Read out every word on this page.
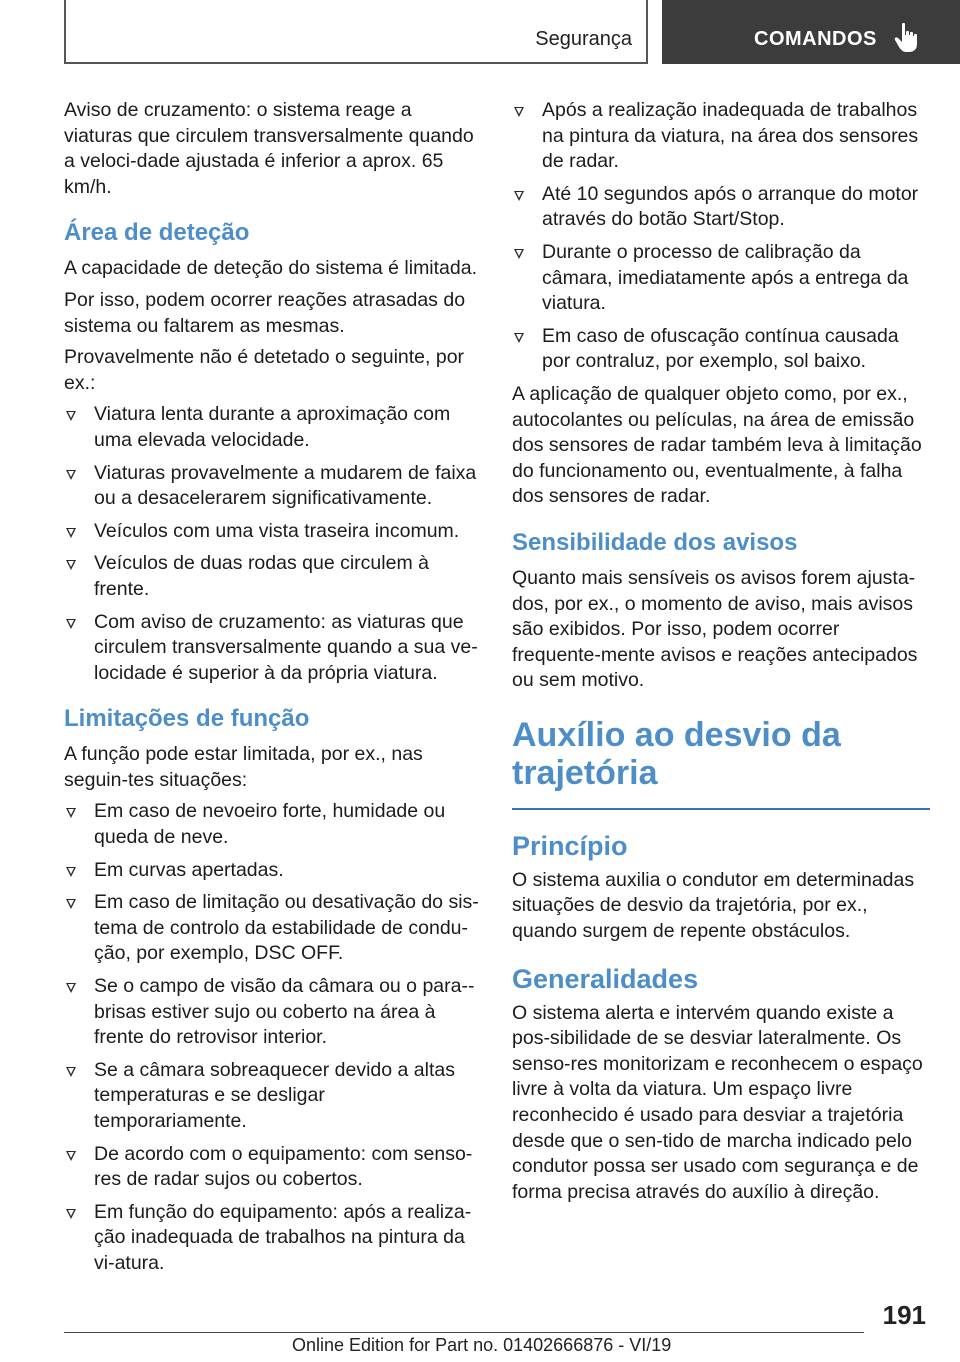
Segurança	COMANDOS

Aviso de cruzamento: o sistema reage a viaturas que circulem transversalmente quando a veloci-dade ajustada é inferior a aprox. 65 km/h.

Área de deteção

A capacidade de deteção do sistema é limitada.

Por isso, podem ocorrer reações atrasadas do sistema ou faltarem as mesmas.

Provavelmente não é detetado o seguinte, por ex.:

Viatura lenta durante a aproximação com uma elevada velocidade.
Viaturas provavelmente a mudarem de faixa ou a desacelerarem significativamente.
Veículos com uma vista traseira incomum.
Veículos de duas rodas que circulem à frente.
Com aviso de cruzamento: as viaturas que circulem transversalmente quando a sua ve-locidade é superior à da própria viatura.
Limitações de função

A função pode estar limitada, por ex., nas seguin-tes situações:

Em caso de nevoeiro forte, humidade ou queda de neve.
Em curvas apertadas.
Em caso de limitação ou desativação do sis-tema de controlo da estabilidade de condu-ção, por exemplo, DSC OFF.
Se o campo de visão da câmara ou o para--brisas estiver sujo ou coberto na área à frente do retrovisor interior.
Se a câmara sobreaquecer devido a altas temperaturas e se desligar temporariamente.
De acordo com o equipamento: com senso-res de radar sujos ou cobertos.
Em função do equipamento: após a realiza-ção inadequada de trabalhos na pintura da vi-atura.
Após a realização inadequada de trabalhos na pintura da viatura, na área dos sensores de radar.
Até 10 segundos após o arranque do motor através do botão Start/Stop.
Durante o processo de calibração da câmara, imediatamente após a entrega da viatura.
Em caso de ofuscação contínua causada por contraluz, por exemplo, sol baixo.

A aplicação de qualquer objeto como, por ex., autocolantes ou películas, na área de emissão dos sensores de radar também leva à limitação do funcionamento ou, eventualmente, à falha dos sensores de radar.

Sensibilidade dos avisos

Quanto mais sensíveis os avisos forem ajusta-dos, por ex., o momento de aviso, mais avisos são exibidos. Por isso, podem ocorrer frequente-mente avisos e reações antecipados ou sem motivo.

Auxílio ao desvio da trajetória
Princípio

O sistema auxilia o condutor em determinadas situações de desvio da trajetória, por ex., quando surgem de repente obstáculos.

Generalidades

O sistema alerta e intervém quando existe a pos-sibilidade de se desviar lateralmente. Os senso-res monitorizam e reconhecem o espaço livre à volta da viatura. Um espaço livre reconhecido é usado para desviar a trajetória desde que o sen-tido de marcha indicado pelo condutor possa ser usado com segurança e de forma precisa através do auxílio à direção.

191
Online Edition for Part no. 01402666876 - VI/19
